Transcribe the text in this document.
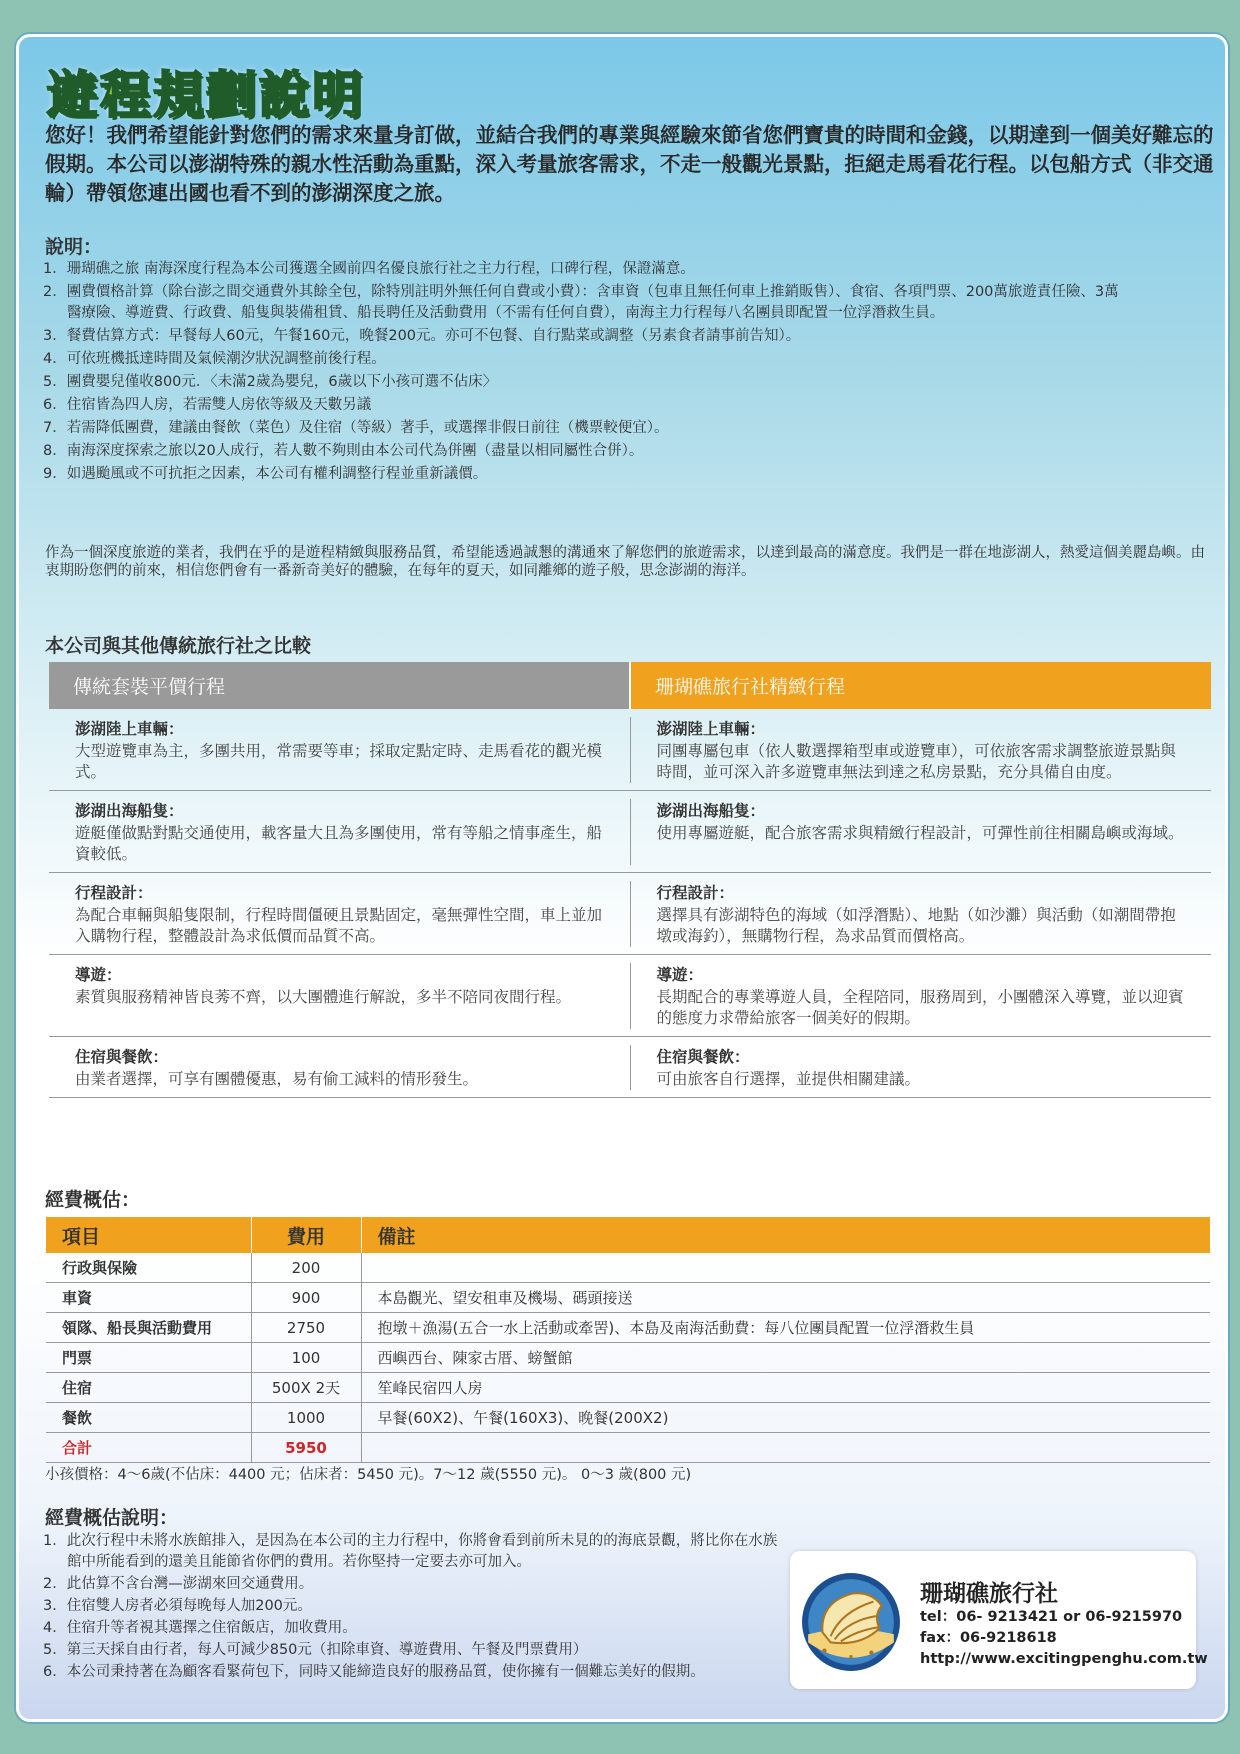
遊程規劃說明
您好！我們希望能針對您們的需求來量身訂做，並結合我們的專業與經驗來節省您們寶貴的時間和金錢，以期達到一個美好難忘的假期。本公司以澎湖特殊的親水性活動為重點，深入考量旅客需求，不走一般觀光景點，拒絕走馬看花行程。以包船方式（非交通輪）帶領您連出國也看不到的澎湖深度之旅。
說明：
1．珊瑚礁之旅 南海深度行程為本公司獲選全國前四名優良旅行社之主力行程，口碑行程，保證滿意。
2．團費價格計算（除台澎之間交通費外其餘全包，除特別註明外無任何自費或小費）：含車資（包車且無任何車上推銷販售）、食宿、各項門票、200萬旅遊責任險、3萬醫療險、導遊費、行政費、船隻與裝備租賃、船長聘任及活動費用（不需有任何自費），南海主力行程每八名團員即配置一位浮潛救生員。
3．餐費估算方式：早餐每人60元，午餐160元，晚餐200元。亦可不包餐、自行點菜或調整（另素食者請事前告知）。
4．可依班機抵達時間及氣候潮汐狀況調整前後行程。
5．團費嬰兒僅收800元．〈未滿2歲為嬰兒，6歲以下小孩可選不佔床〉
6．住宿皆為四人房，若需雙人房依等級及天數另議
7．若需降低團費，建議由餐飲（菜色）及住宿（等級）著手，或選擇非假日前往（機票較便宜）。
8．南海深度探索之旅以20人成行，若人數不夠則由本公司代為併團（盡量以相同屬性合併）。
9．如遇颱風或不可抗拒之因素，本公司有權利調整行程並重新議價。
作為一個深度旅遊的業者，我們在乎的是遊程精緻與服務品質，希望能透過誠懇的溝通來了解您們的旅遊需求，以達到最高的滿意度。我們是一群在地澎湖人，熱愛這個美麗島嶼。由衷期盼您們的前來，相信您們會有一番新奇美好的體驗，在每年的夏天，如同離鄉的遊子般，思念澎湖的海洋。
本公司與其他傳統旅行社之比較
傳統套裝平價行程	珊瑚礁旅行社精緻行程
澎湖陸上車輛：
大型遊覽車為主，多團共用，常需要等車；採取定點定時、走馬看花的觀光模式。
澎湖陸上車輛：
同團專屬包車（依人數選擇箱型車或遊覽車），可依旅客需求調整旅遊景點與時間，並可深入許多遊覽車無法到達之私房景點，充分具備自由度。
澎湖出海船隻：
遊艇僅做點對點交通使用，載客量大且為多團使用，常有等船之情事產生，船資較低。
澎湖出海船隻：
使用專屬遊艇，配合旅客需求與精緻行程設計，可彈性前往相關島嶼或海域。
行程設計：
為配合車輛與船隻限制，行程時間僵硬且景點固定，毫無彈性空間，車上並加入購物行程，整體設計為求低價而品質不高。
行程設計：
選擇具有澎湖特色的海域（如浮潛點）、地點（如沙灘）與活動（如潮間帶抱墩或海釣），無購物行程，為求品質而價格高。
導遊：
素質與服務精神皆良莠不齊，以大團體進行解說，多半不陪同夜間行程。
導遊：
長期配合的專業導遊人員，全程陪同，服務周到，小團體深入導覽，並以迎賓的態度力求帶給旅客一個美好的假期。
住宿與餐飲：
由業者選擇，可享有團體優惠，易有偷工減料的情形發生。
住宿與餐飲：
可由旅客自行選擇，並提供相關建議。
經費概估：
項目	費用	備註
行政與保險	200	
車資	900	本島觀光、望安租車及機場、碼頭接送
領隊、船長與活動費用	2750	抱墩＋漁湯(五合一水上活動或牽罟)、本島及南海活動費：每八位團員配置一位浮潛救生員
門票	100	西嶼西台、陳家古厝、螃蟹館
住宿	500X 2天	笙峰民宿四人房
餐飲	1000	早餐(60X2)、午餐(160X3)、晚餐(200X2)
合計	5950	
小孩價格：4～6歲(不佔床：4400 元；佔床者：5450 元)。7～12 歲(5550 元)。 0～3 歲(800 元)
經費概估說明：
1．此次行程中未將水族館排入，是因為在本公司的主力行程中，你將會看到前所未見的的海底景觀，將比你在水族館中所能看到的還美且能節省你們的費用。若你堅持一定要去亦可加入。
2．此估算不含台灣—澎湖來回交通費用。
3．住宿雙人房者必須每晚每人加200元。
4．住宿升等者視其選擇之住宿飯店，加收費用。
5．第三天採自由行者，每人可減少850元（扣除車資、導遊費用、午餐及門票費用）
6．本公司秉持著在為顧客看緊荷包下，同時又能締造良好的服務品質，使你擁有一個難忘美好的假期。
珊瑚礁旅行社
tel：06- 9213421 or 06-9215970
fax：06-9218618
http://www.excitingpenghu.com.tw
